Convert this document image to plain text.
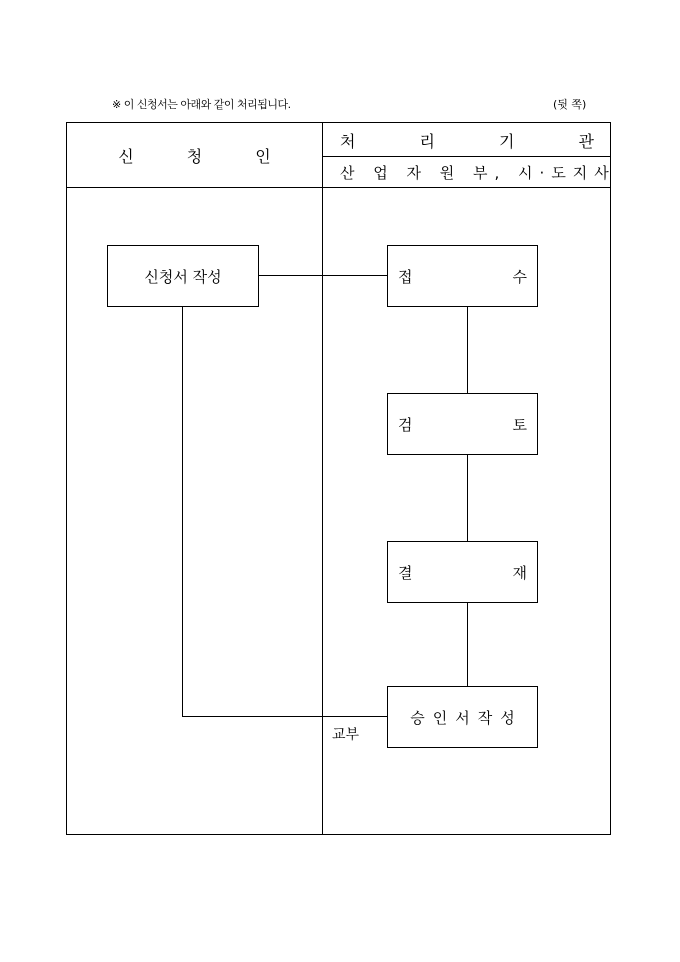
※ 이 신청서는 아래와 같이 처리됩니다.	(뒷 쪽)
신 청 인
처	리	기	관
산 업 자 원 부, 시·도지사
신청서 작성	접	수
검	토
결	재
승인서작성
교부
